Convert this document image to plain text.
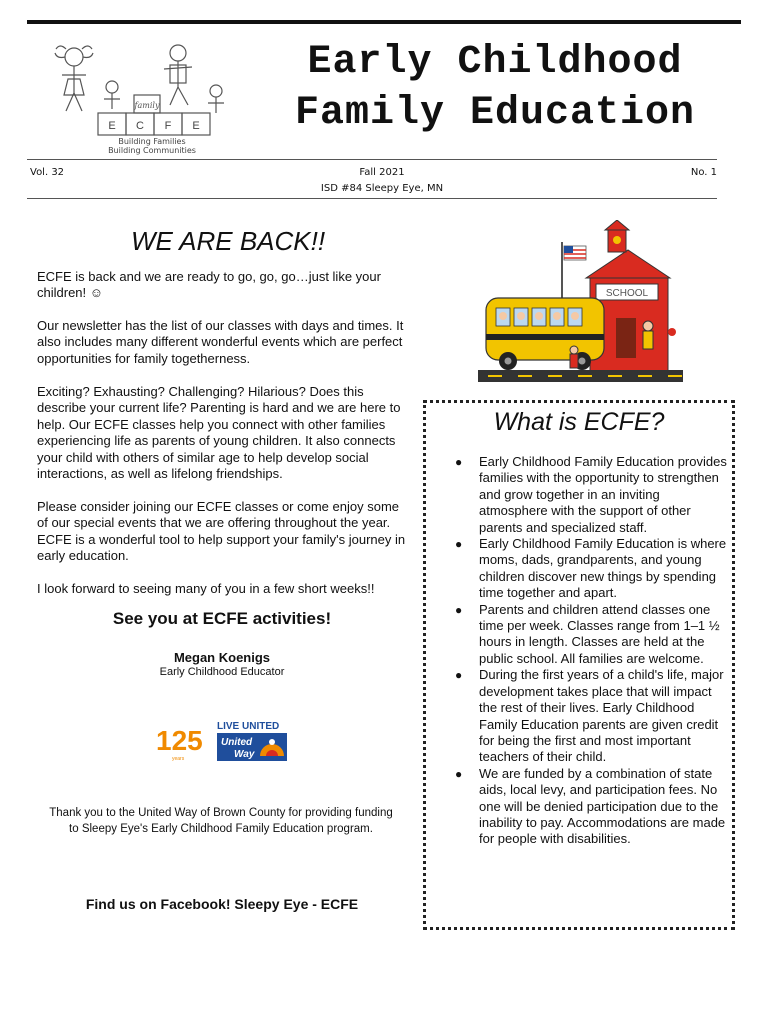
E C F E
family
Building Families
Building Communities
Early Childhood
Family Education
Vol. 32	Fall 2021
ISD #84 Sleepy Eye, MN
No. 1
WE ARE BACK!!
ECFE is back and we are ready to go, go, go…just like your children! ☺
Our newsletter has the list of our classes with days and times. It also includes many different wonderful events which are perfect opportunities for family togetherness.
Exciting? Exhausting? Challenging? Hilarious? Does this describe your current life? Parenting is hard and we are here to help. Our ECFE classes help you connect with other families experiencing life as parents of young children. It also connects your child with others of similar age to help develop social interactions, as well as lifelong friendships.
Please consider joining our ECFE classes or come enjoy some of our special events that we are offering throughout the year. ECFE is a wonderful tool to help support your family's journey in early education.
I look forward to seeing many of you in a few short weeks!!
See you at ECFE activities!
Megan Koenigs
Early Childhood Educator
125
years
LIVE UNITED
United
Way
Thank you to the United Way of Brown County for providing funding to Sleepy Eye's Early Childhood Family Education program.
Find us on Facebook! Sleepy Eye - ECFE
SCHOOL
What is ECFE?
● Early Childhood Family Education provides families with the opportunity to strengthen and grow together in an inviting atmosphere with the support of other parents and specialized staff.
● Early Childhood Family Education is where moms, dads, grandparents, and young children discover new things by spending time together and apart.
● Parents and children attend classes one time per week. Classes range from 1–1 ½ hours in length. Classes are held at the public school. All families are welcome.
● During the first years of a child's life, major development takes place that will impact the rest of their lives. Early Childhood Family Education parents are given credit for being the first and most important teachers of their child.
● We are funded by a combination of state aids, local levy, and participation fees. No one will be denied participation due to the inability to pay. Accommodations are made for people with disabilities.
